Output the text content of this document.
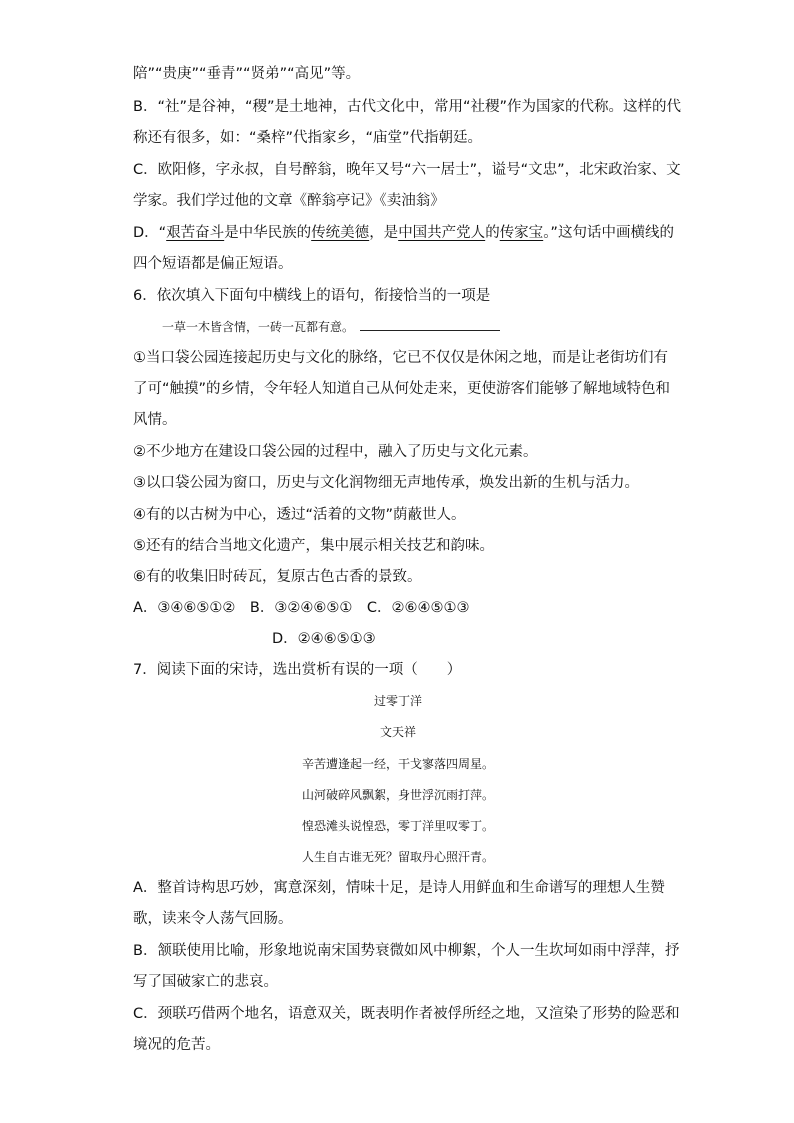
陪”“贵庚”“垂青”“贤弟”“高见”等。
B．“社”是谷神，“稷”是土地神，古代文化中，常用“社稷”作为国家的代称。这样的代
称还有很多，如：“桑梓”代指家乡，“庙堂”代指朝廷。
C．欧阳修，字永叔，自号醉翁，晚年又号“六一居士”，谥号“文忠”，北宋政治家、文
学家。我们学过他的文章《醉翁亭记》《卖油翁》
D．“艰苦奋斗是中华民族的传统美德，是中国共产党人的传家宝。”这句话中画横线的
四个短语都是偏正短语。
6．依次填入下面句中横线上的语句，衔接恰当的一项是
一草一木皆含情，一砖一瓦都有意。
①当口袋公园连接起历史与文化的脉络，它已不仅仅是休闲之地，而是让老街坊们有
了可“触摸”的乡情，令年轻人知道自己从何处走来，更使游客们能够了解地域特色和
风情。
②不少地方在建设口袋公园的过程中，融入了历史与文化元素。
③以口袋公园为窗口，历史与文化润物细无声地传承，焕发出新的生机与活力。
④有的以古树为中心，透过“活着的文物”荫蔽世人。
⑤还有的结合当地文化遗产，集中展示相关技艺和韵味。
⑥有的收集旧时砖瓦，复原古色古香的景致。
A．③④⑥⑤①②　B．③②④⑥⑤①　C．②⑥④⑤①③
D．②④⑥⑤①③
7．阅读下面的宋诗，选出赏析有误的一项（　　）
过零丁洋
文天祥
辛苦遭逢起一经，干戈寥落四周星。
山河破碎风飘絮，身世浮沉雨打萍。
惶恐滩头说惶恐，零丁洋里叹零丁。
人生自古谁无死？留取丹心照汗青。
A．整首诗构思巧妙，寓意深刻，情味十足，是诗人用鲜血和生命谱写的理想人生赞
歌，读来令人荡气回肠。
B．颔联使用比喻，形象地说南宋国势衰微如风中柳絮，个人一生坎坷如雨中浮萍，抒
写了国破家亡的悲哀。
C．颈联巧借两个地名，语意双关，既表明作者被俘所经之地，又渲染了形势的险恶和
境况的危苦。
